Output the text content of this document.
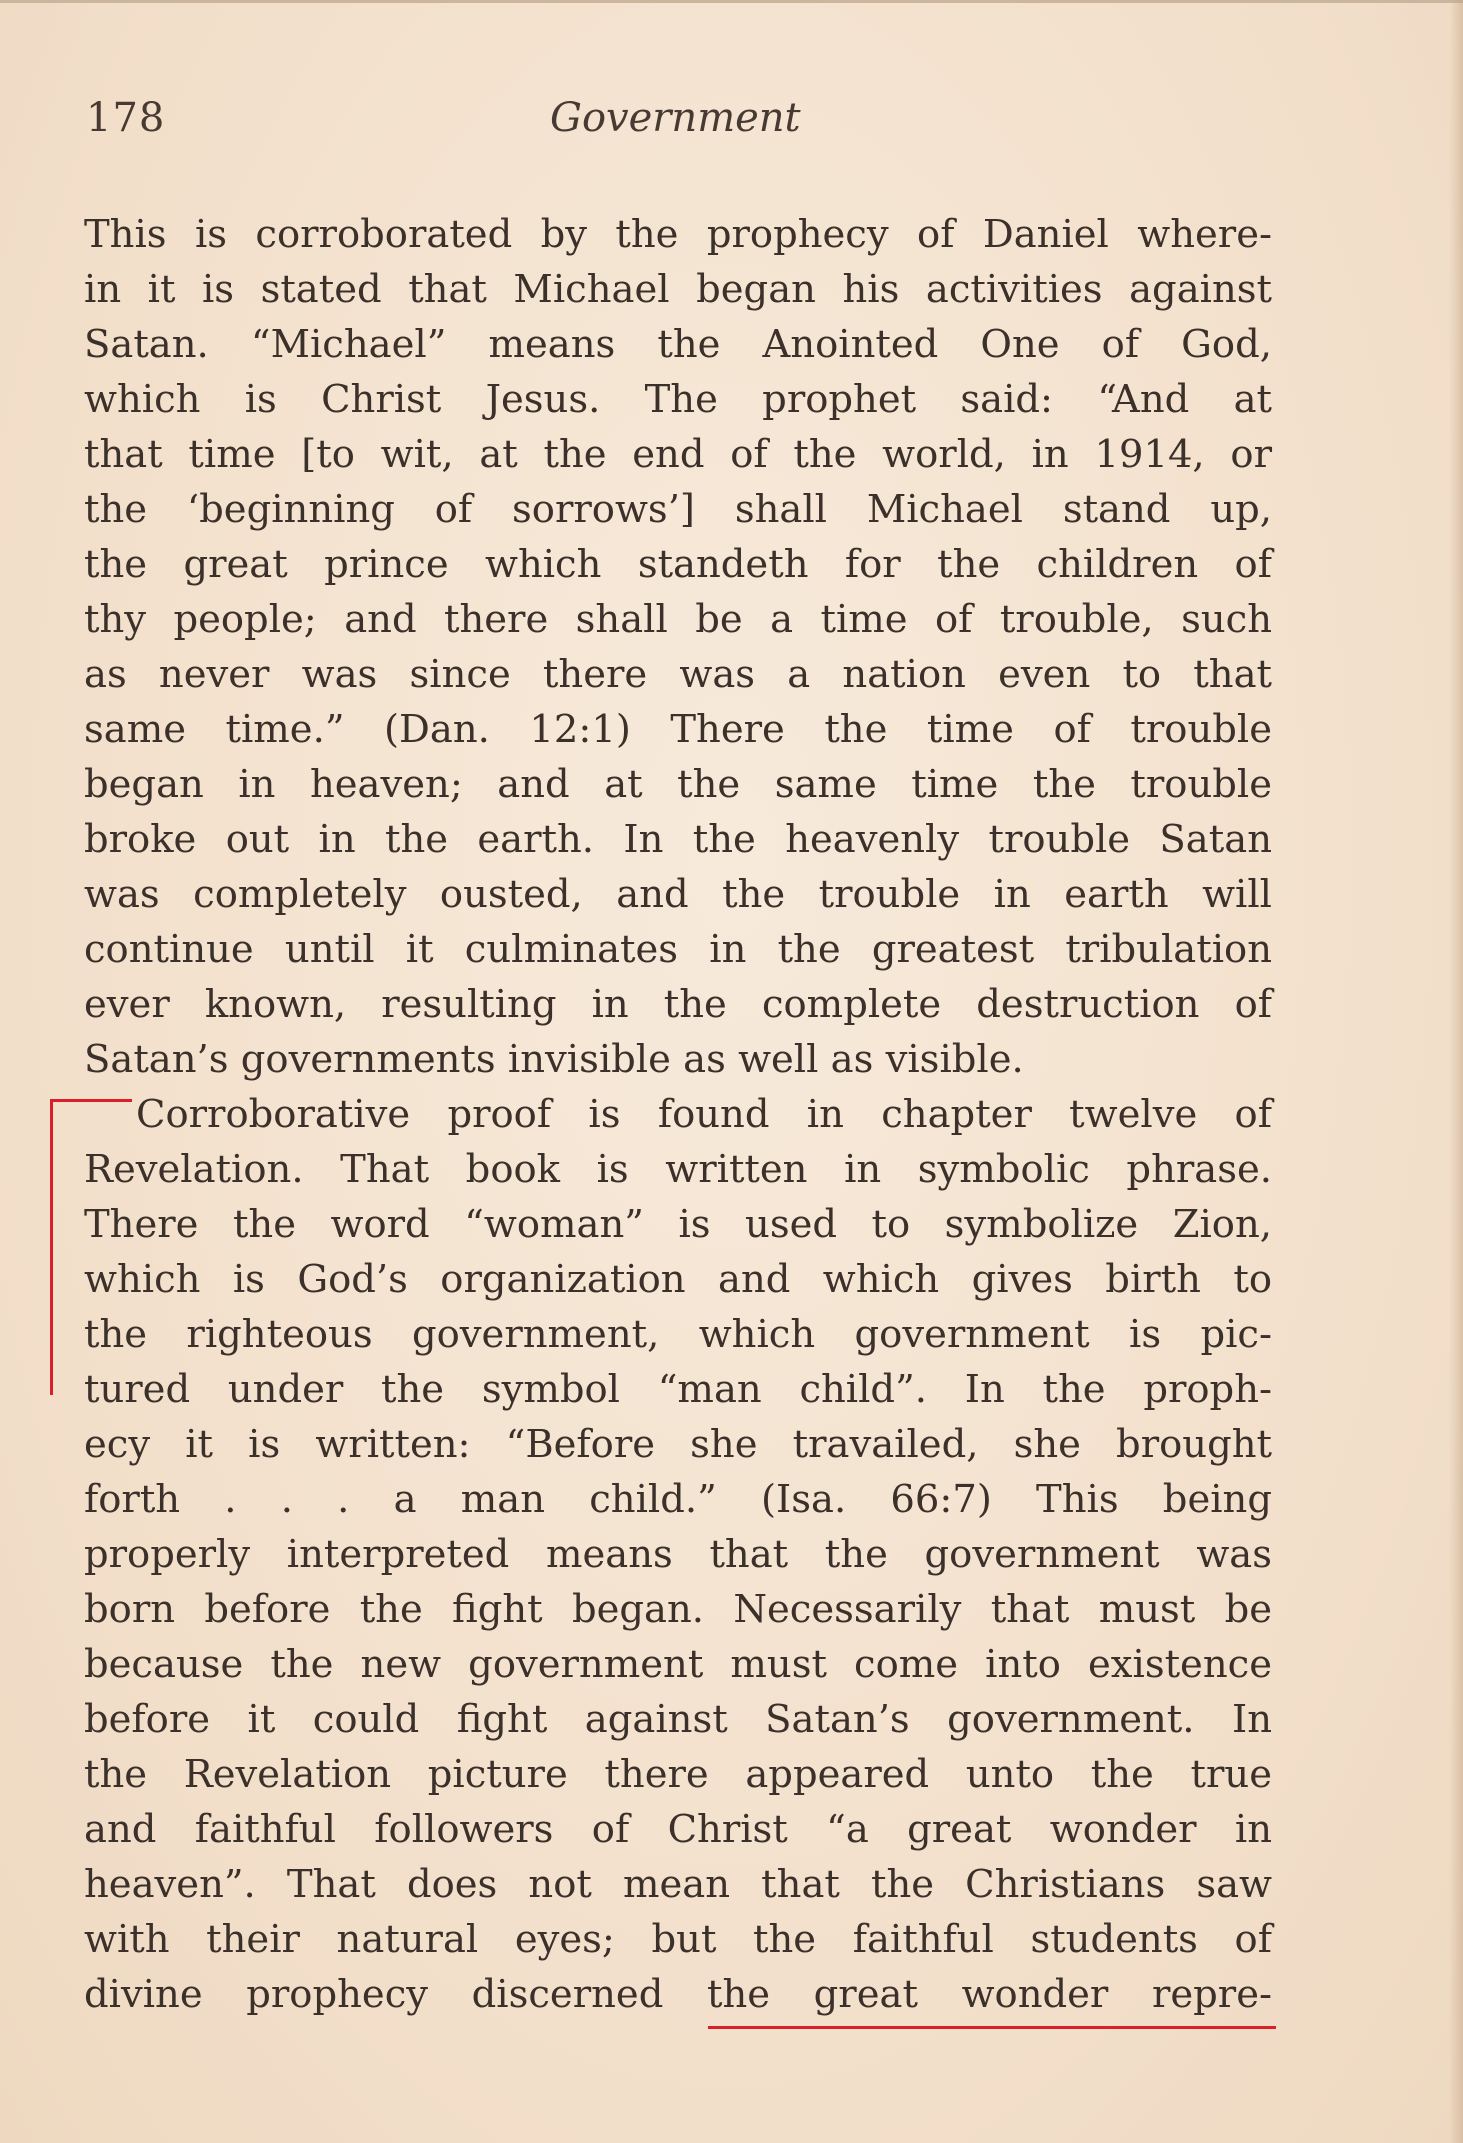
178	Government
This is corroborated by the prophecy of Daniel where-
in it is stated that Michael began his activities against
Satan. “Michael” means the Anointed One of God,
which is Christ Jesus. The prophet said: “And at
that time [to wit, at the end of the world, in 1914, or
the ‘beginning of sorrows’] shall Michael stand up,
the great prince which standeth for the children of
thy people; and there shall be a time of trouble, such
as never was since there was a nation even to that
same time.” (Dan. 12:1) There the time of trouble
began in heaven; and at the same time the trouble
broke out in the earth. In the heavenly trouble Satan
was completely ousted, and the trouble in earth will
continue until it culminates in the greatest tribulation
ever known, resulting in the complete destruction of
Satan’s governments invisible as well as visible.
Corroborative proof is found in chapter twelve of
Revelation. That book is written in symbolic phrase.
There the word “woman” is used to symbolize Zion,
which is God’s organization and which gives birth to
the righteous government, which government is pic-
tured under the symbol “man child”. In the proph-
ecy it is written: “Before she travailed, she brought
forth . . . a man child.” (Isa. 66:7) This being
properly interpreted means that the government was
born before the fight began. Necessarily that must be
because the new government must come into existence
before it could fight against Satan’s government. In
the Revelation picture there appeared unto the true
and faithful followers of Christ “a great wonder in
heaven”. That does not mean that the Christians saw
with their natural eyes; but the faithful students of
divine prophecy discerned the great wonder repre-
